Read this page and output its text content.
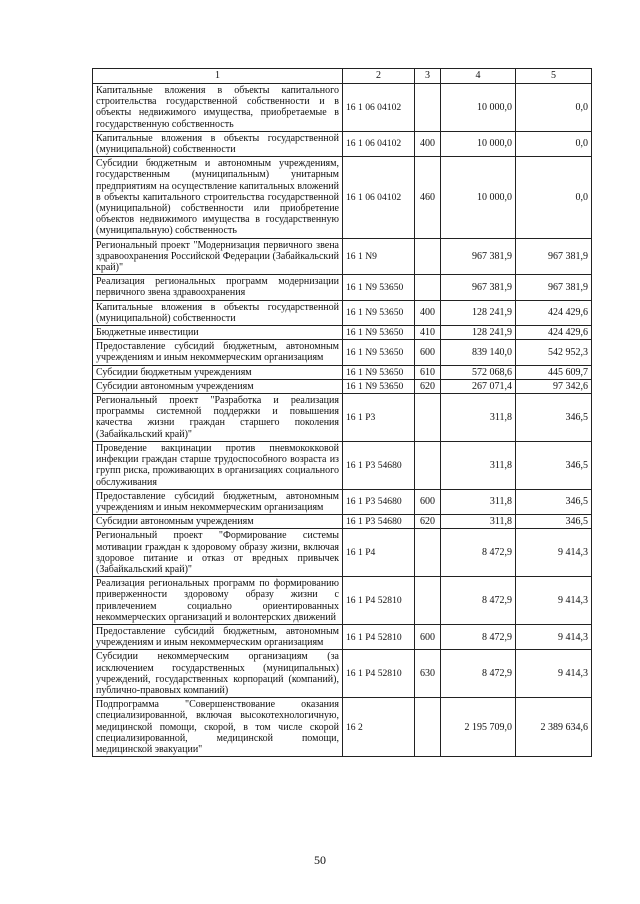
1	2	3	4	5
Капитальные вложения в объекты капитального строительства государственной собственности и в объекты недвижимого имущества, приобретаемые в государственную собственность	16 1 06 04102		10 000,0	0,0
Капитальные вложения в объекты государственной (муниципальной) собственности	16 1 06 04102	400	10 000,0	0,0
Субсидии бюджетным и автономным учреждениям, государственным (муниципальным) унитарным предприятиям на осуществление капитальных вложений в объекты капитального строительства государственной (муниципальной) собственности или приобретение объектов недвижимого имущества в государственную (муниципальную) собственность	16 1 06 04102	460	10 000,0	0,0
Региональный проект "Модернизация первичного звена здравоохранения Российской Федерации (Забайкальский край)"	16 1 N9		967 381,9	967 381,9
Реализация региональных программ модернизации первичного звена здравоохранения	16 1 N9 53650		967 381,9	967 381,9
Капитальные вложения в объекты государственной (муниципальной) собственности	16 1 N9 53650	400	128 241,9	424 429,6
Бюджетные инвестиции	16 1 N9 53650	410	128 241,9	424 429,6
Предоставление субсидий бюджетным, автономным учреждениям и иным некоммерческим организациям	16 1 N9 53650	600	839 140,0	542 952,3
Субсидии бюджетным учреждениям	16 1 N9 53650	610	572 068,6	445 609,7
Субсидии автономным учреждениям	16 1 N9 53650	620	267 071,4	97 342,6
Региональный проект "Разработка и реализация программы системной поддержки и повышения качества жизни граждан старшего поколения (Забайкальский край)"	16 1 P3		311,8	346,5
Проведение вакцинации против пневмококковой инфекции граждан старше трудоспособного возраста из групп риска, проживающих в организациях социального обслуживания	16 1 P3 54680		311,8	346,5
Предоставление субсидий бюджетным, автономным учреждениям и иным некоммерческим организациям	16 1 P3 54680	600	311,8	346,5
Субсидии автономным учреждениям	16 1 P3 54680	620	311,8	346,5
Региональный проект "Формирование системы мотивации граждан к здоровому образу жизни, включая здоровое питание и отказ от вредных привычек (Забайкальский край)"	16 1 P4		8 472,9	9 414,3
Реализация региональных программ по формированию приверженности здоровому образу жизни с привлечением социально ориентированных некоммерческих организаций и волонтерских движений	16 1 P4 52810		8 472,9	9 414,3
Предоставление субсидий бюджетным, автономным учреждениям и иным некоммерческим организациям	16 1 P4 52810	600	8 472,9	9 414,3
Субсидии некоммерческим организациям (за исключением государственных (муниципальных) учреждений, государственных корпораций (компаний), публично-правовых компаний)	16 1 P4 52810	630	8 472,9	9 414,3
Подпрограмма "Совершенствование оказания специализированной, включая высокотехнологичную, медицинской помощи, скорой, в том числе скорой специализированной, медицинской помощи, медицинской эвакуации"	16 2		2 195 709,0	2 389 634,6
50
